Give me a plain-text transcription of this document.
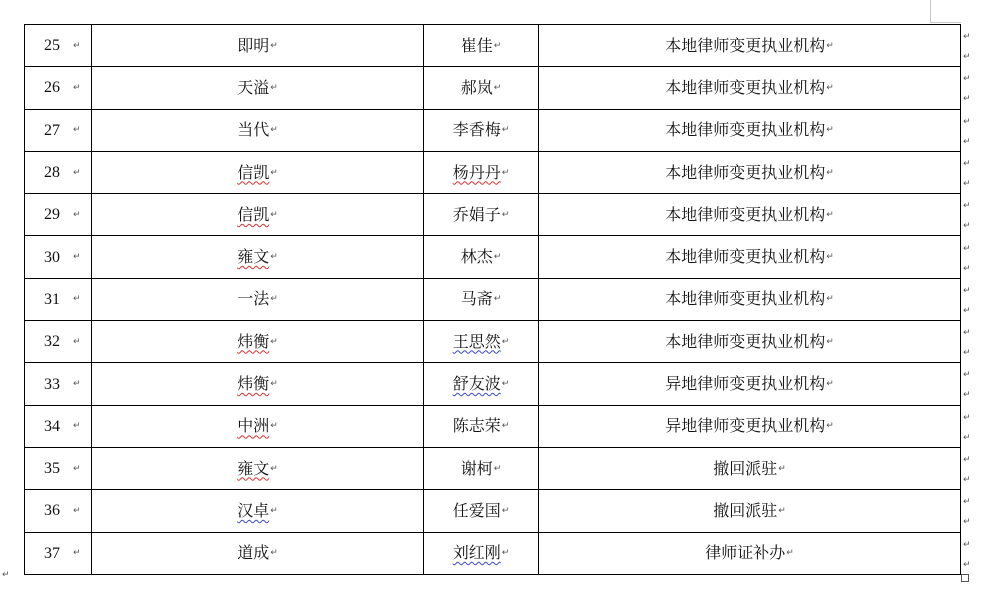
25 ↵	即明↵	崔佳↵	本地律师变更执业机构↵
26 ↵	天溢↵	郝岚↵	本地律师变更执业机构↵
27 ↵	当代↵	李香梅↵	本地律师变更执业机构↵
28 ↵	信凯↵	杨丹丹↵	本地律师变更执业机构↵
29 ↵	信凯↵	乔娟子↵	本地律师变更执业机构↵
30 ↵	雍文↵	林杰↵	本地律师变更执业机构↵
31 ↵	一法↵	马斋↵	本地律师变更执业机构↵
32 ↵	炜衡↵	王思然↵	本地律师变更执业机构↵
33 ↵	炜衡↵	舒友波↵	异地律师变更执业机构↵
34 ↵	中洲↵	陈志荣↵	异地律师变更执业机构↵
35 ↵	雍文↵	谢柯↵	撤回派驻↵
36 ↵	汉卓↵	任爱国↵	撤回派驻↵
37 ↵	道成↵	刘红刚↵	律师证补办↵
↵
↵
↵
↵
↵
↵
↵
↵
↵
↵
↵
↵
↵
↵
↵
↵
↵
↵
↵
↵
↵
↵
↵
↵
↵
↵
↵
